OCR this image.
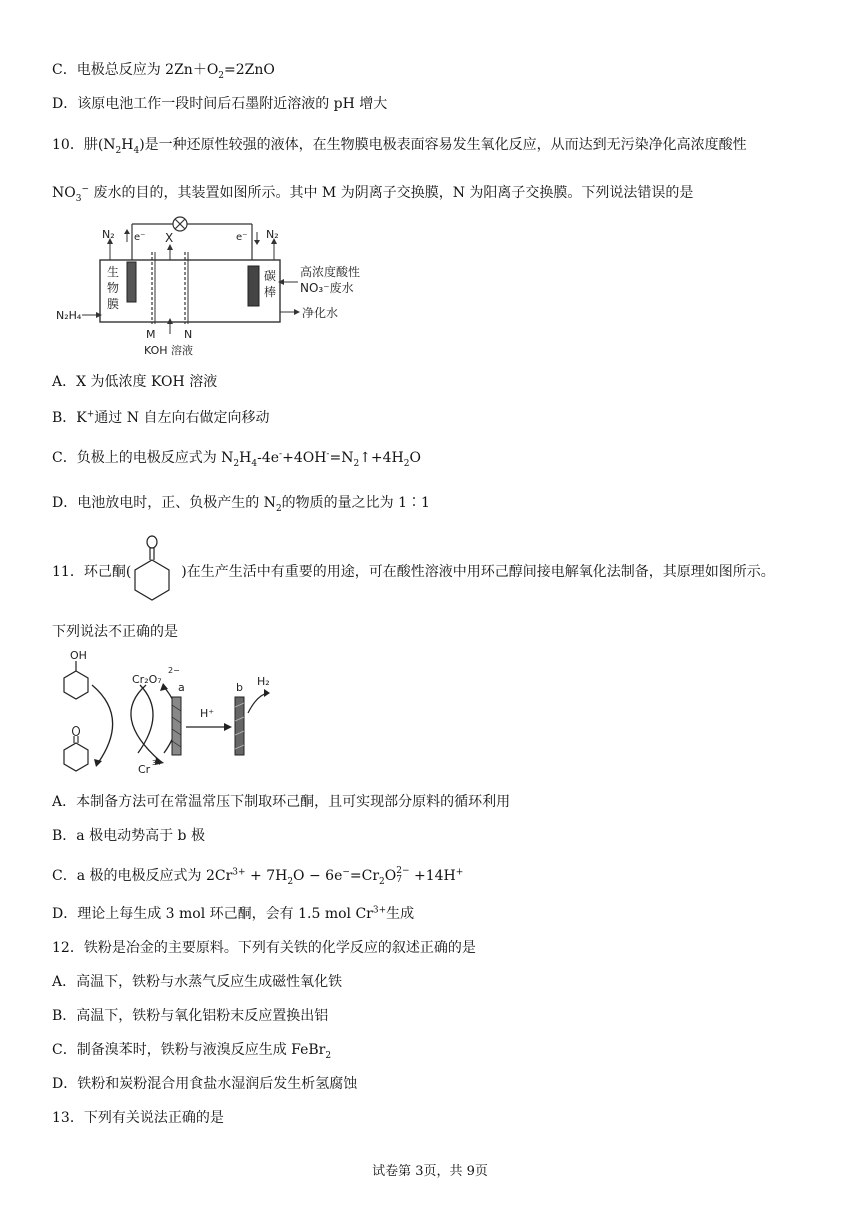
C．电极总反应为 $2Zn+O_2=2ZnO$
D．该原电池工作一段时间后石墨附近溶液的 pH 增大
10．肼$(N_2H_4)$是一种还原性较强的液体，在生物膜电极表面容易发生氧化反应，从而达到无污染净化高浓度酸性
$NO_3^-$ 废水的目的，其装置如图所示。其中 M 为阴离子交换膜，N 为阳离子交换膜。下列说法错误的是
N₂	N₂
e⁻	e⁻
X
生
物
膜
碳
棒
高浓度酸性
NO₃⁻废水
N₂H₄	净化水
M	N
KOH 溶液
A．X 为低浓度 KOH 溶液
B．K+通过 N 自左向右做定向移动
C．负极上的电极反应式为 $N_2H_4-4e^-+4OH^-=N_2↑+4H_2O$
D．电池放电时，正、负极产生的 $N_2$的物质的量之比为 1∶1
11．环己酮(	)在生产生活中有重要的用途，可在酸性溶液中用环己醇间接电解氧化法制备，其原理如图所示。
下列说法不正确的是
OH
Cr₂O₇
2−
Cr 3+
a
H⁺
b H₂
A．本制备方法可在常温常压下制取环己酮，且可实现部分原料的循环利用
B．a 极电动势高于 b 极
C．a 极的电极反应式为 $2Cr^{3+} + 7H_2O - 6e^-=Cr_2O$ 2−
7 +14H+
D．理论上每生成 3 mol 环己酮，会有 1.5 mol $Cr^{3+}$生成
12．铁粉是冶金的主要原料。下列有关铁的化学反应的叙述正确的是
A．高温下，铁粉与水蒸气反应生成磁性氧化铁
B．高温下，铁粉与氧化铝粉末反应置换出铝
C．制备溴苯时，铁粉与液溴反应生成 FeBr$_2$
D．铁粉和炭粉混合用食盐水湿润后发生析氢腐蚀
13．下列有关说法正确的是
试卷第 3页，共 9页
